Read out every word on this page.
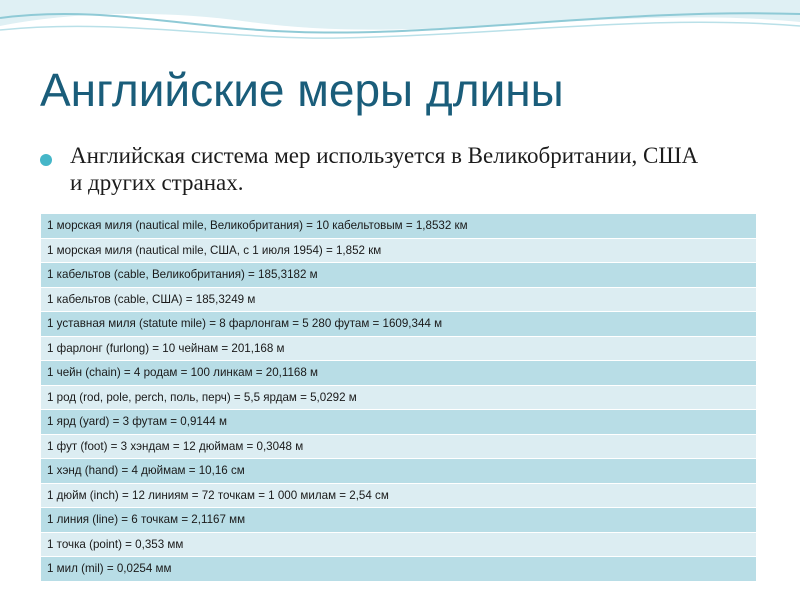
Английские меры длины
Английская система мер используется в Великобритании, США и других странах.
1 морская миля (nautical mile, Великобритания) = 10 кабельтовым = 1,8532 км
1 морская миля (nautical mile, США, с 1 июля 1954) = 1,852 км
1 кабельтов (cable, Великобритания) = 185,3182 м
1 кабельтов (cable, США) = 185,3249 м
1 уставная миля (statute mile) = 8 фарлонгам = 5 280 футам = 1609,344 м
1 фарлонг (furlong) = 10 чейнам = 201,168 м
1 чейн (chain) = 4 родам = 100 линкам = 20,1168 м
1 род (rod, pole, perch, поль, перч) = 5,5 ярдам = 5,0292 м
1 ярд (yard) = 3 футам = 0,9144 м
1 фут (foot) = 3 хэндам = 12 дюймам = 0,3048 м
1 хэнд (hand) = 4 дюймам = 10,16 см
1 дюйм (inch) = 12 линиям = 72 точкам = 1 000 милам = 2,54 см
1 линия (line) = 6 точкам = 2,1167 мм
1 точка (point) = 0,353 мм
1 мил (mil) = 0,0254 мм
